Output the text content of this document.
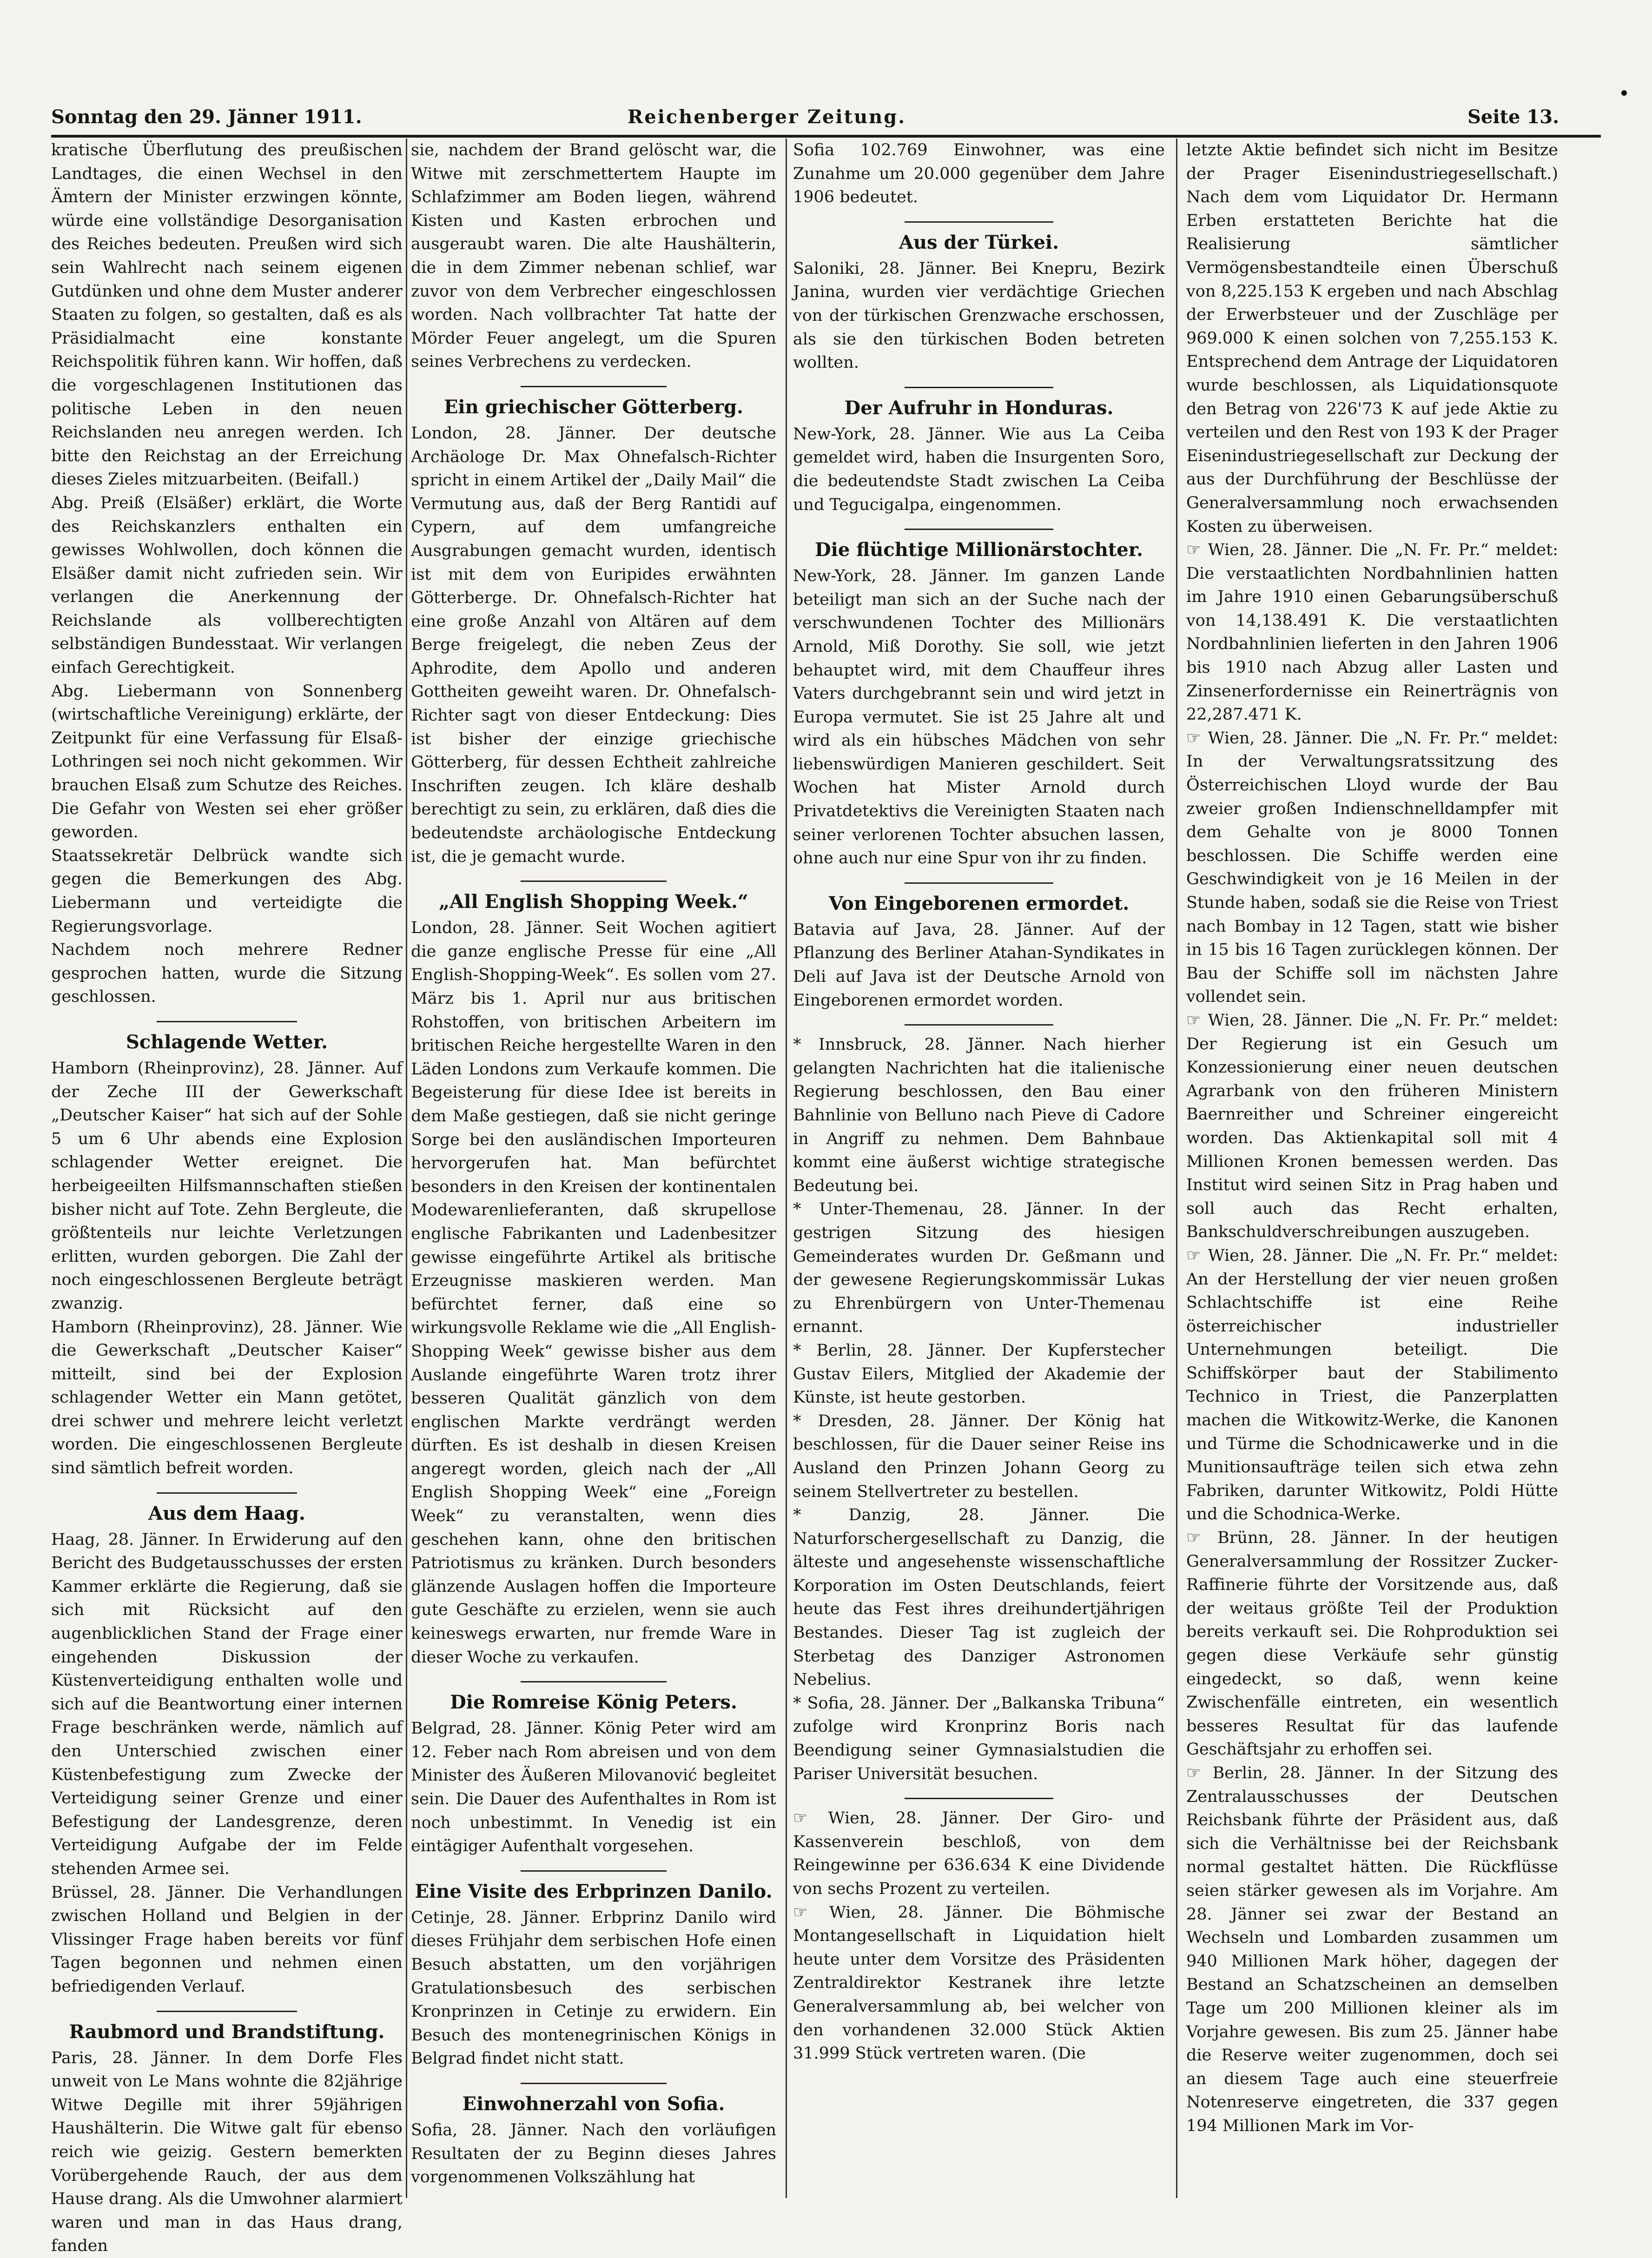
Sonntag den 29. Jänner 1911.	Reichenberger Zeitung.	Seite 13.

kratische Überflutung des preußischen Landtages, die einen Wechsel in den Ämtern der Minister erzwingen könnte, würde eine vollständige Desorganisation des Reiches bedeuten. Preußen wird sich sein Wahlrecht nach seinem eigenen Gutdünken und ohne dem Muster anderer Staaten zu folgen, so gestalten, daß es als Präsidialmacht eine konstante Reichspolitik führen kann. Wir hoffen, daß die vorgeschlagenen Institutionen das politische Leben in den neuen Reichslanden neu anregen werden. Ich bitte den Reichstag an der Erreichung dieses Zieles mitzuarbeiten. (Beifall.)

Abg. Preiß (Elsäßer) erklärt, die Worte des Reichskanzlers enthalten ein gewisses Wohlwollen, doch können die Elsäßer damit nicht zufrieden sein. Wir verlangen die Anerkennung der Reichslande als vollberechtigten selbständigen Bundesstaat. Wir verlangen einfach Gerechtigkeit.

Abg. Liebermann von Sonnenberg (wirtschaftliche Vereinigung) erklärte, der Zeitpunkt für eine Verfassung für Elsaß-Lothringen sei noch nicht gekommen. Wir brauchen Elsaß zum Schutze des Reiches. Die Gefahr von Westen sei eher größer geworden.

Staatssekretär Delbrück wandte sich gegen die Bemerkungen des Abg. Liebermann und verteidigte die Regierungsvorlage.

Nachdem noch mehrere Redner gesprochen hatten, wurde die Sitzung geschlossen.

Schlagende Wetter.

Hamborn (Rheinprovinz), 28. Jänner. Auf der Zeche III der Gewerkschaft „Deutscher Kaiser“ hat sich auf der Sohle 5 um 6 Uhr abends eine Explosion schlagender Wetter ereignet. Die herbeigeeilten Hilfsmannschaften stießen bisher nicht auf Tote. Zehn Bergleute, die größtenteils nur leichte Verletzungen erlitten, wurden geborgen. Die Zahl der noch eingeschlossenen Bergleute beträgt zwanzig.

Hamborn (Rheinprovinz), 28. Jänner. Wie die Gewerkschaft „Deutscher Kaiser“ mitteilt, sind bei der Explosion schlagender Wetter ein Mann getötet, drei schwer und mehrere leicht verletzt worden. Die eingeschlossenen Bergleute sind sämtlich befreit worden.

Aus dem Haag.

Haag, 28. Jänner. In Erwiderung auf den Bericht des Budgetausschusses der ersten Kammer erklärte die Regierung, daß sie sich mit Rücksicht auf den augenblicklichen Stand der Frage einer eingehenden Diskussion der Küstenverteidigung enthalten wolle und sich auf die Beantwortung einer internen Frage beschränken werde, nämlich auf den Unterschied zwischen einer Küstenbefestigung zum Zwecke der Verteidigung seiner Grenze und einer Befestigung der Landesgrenze, deren Verteidigung Aufgabe der im Felde stehenden Armee sei.

Brüssel, 28. Jänner. Die Verhandlungen zwischen Holland und Belgien in der Vlissinger Frage haben bereits vor fünf Tagen begonnen und nehmen einen befriedigenden Verlauf.

Raubmord und Brandstiftung.

Paris, 28. Jänner. In dem Dorfe Fles unweit von Le Mans wohnte die 82jährige Witwe Degille mit ihrer 59jährigen Haushälterin. Die Witwe galt für ebenso reich wie geizig. Gestern bemerkten Vorübergehende Rauch, der aus dem Hause drang. Als die Umwohner alarmiert waren und man in das Haus drang, fanden

sie, nachdem der Brand gelöscht war, die Witwe mit zerschmettertem Haupte im Schlafzimmer am Boden liegen, während Kisten und Kasten erbrochen und ausgeraubt waren. Die alte Haushälterin, die in dem Zimmer nebenan schlief, war zuvor von dem Verbrecher eingeschlossen worden. Nach vollbrachter Tat hatte der Mörder Feuer angelegt, um die Spuren seines Verbrechens zu verdecken.

Ein griechischer Götterberg.

London, 28. Jänner. Der deutsche Archäologe Dr. Max Ohnefalsch-Richter spricht in einem Artikel der „Daily Mail“ die Vermutung aus, daß der Berg Rantidi auf Cypern, auf dem umfangreiche Ausgrabungen gemacht wurden, identisch ist mit dem von Euripides erwähnten Götterberge. Dr. Ohnefalsch-Richter hat eine große Anzahl von Altären auf dem Berge freigelegt, die neben Zeus der Aphrodite, dem Apollo und anderen Gottheiten geweiht waren. Dr. Ohnefalsch-Richter sagt von dieser Entdeckung: Dies ist bisher der einzige griechische Götterberg, für dessen Echtheit zahlreiche Inschriften zeugen. Ich kläre deshalb berechtigt zu sein, zu erklären, daß dies die bedeutendste archäologische Entdeckung ist, die je gemacht wurde.

„All English Shopping Week.“

London, 28. Jänner. Seit Wochen agitiert die ganze englische Presse für eine „All English-Shopping-Week“. Es sollen vom 27. März bis 1. April nur aus britischen Rohstoffen, von britischen Arbeitern im britischen Reiche hergestellte Waren in den Läden Londons zum Verkaufe kommen. Die Begeisterung für diese Idee ist bereits in dem Maße gestiegen, daß sie nicht geringe Sorge bei den ausländischen Importeuren hervorgerufen hat. Man befürchtet besonders in den Kreisen der kontinentalen Modewarenlieferanten, daß skrupellose englische Fabrikanten und Ladenbesitzer gewisse eingeführte Artikel als britische Erzeugnisse maskieren werden. Man befürchtet ferner, daß eine so wirkungsvolle Reklame wie die „All English-Shopping Week“ gewisse bisher aus dem Auslande eingeführte Waren trotz ihrer besseren Qualität gänzlich von dem englischen Markte verdrängt werden dürften. Es ist deshalb in diesen Kreisen angeregt worden, gleich nach der „All English Shopping Week“ eine „Foreign Week“ zu veranstalten, wenn dies geschehen kann, ohne den britischen Patriotismus zu kränken. Durch besonders glänzende Auslagen hoffen die Importeure gute Geschäfte zu erzielen, wenn sie auch keineswegs erwarten, nur fremde Ware in dieser Woche zu verkaufen.

Die Romreise König Peters.

Belgrad, 28. Jänner. König Peter wird am 12. Feber nach Rom abreisen und von dem Minister des Äußeren Milovanović begleitet sein. Die Dauer des Aufenthaltes in Rom ist noch unbestimmt. In Venedig ist ein eintägiger Aufenthalt vorgesehen.

Eine Visite des Erbprinzen Danilo.

Cetinje, 28. Jänner. Erbprinz Danilo wird dieses Frühjahr dem serbischen Hofe einen Besuch abstatten, um den vorjährigen Gratulationsbesuch des serbischen Kronprinzen in Cetinje zu erwidern. Ein Besuch des montenegrinischen Königs in Belgrad findet nicht statt.

Einwohnerzahl von Sofia.

Sofia, 28. Jänner. Nach den vorläufigen Resultaten der zu Beginn dieses Jahres vorgenommenen Volkszählung hat

Sofia 102.769 Einwohner, was eine Zunahme um 20.000 gegenüber dem Jahre 1906 bedeutet.

Aus der Türkei.

Saloniki, 28. Jänner. Bei Knepru, Bezirk Janina, wurden vier verdächtige Griechen von der türkischen Grenzwache erschossen, als sie den türkischen Boden betreten wollten.

Der Aufruhr in Honduras.

New-York, 28. Jänner. Wie aus La Ceiba gemeldet wird, haben die Insurgenten Soro, die bedeutendste Stadt zwischen La Ceiba und Tegucigalpa, eingenommen.

Die flüchtige Millionärstochter.

New-York, 28. Jänner. Im ganzen Lande beteiligt man sich an der Suche nach der verschwundenen Tochter des Millionärs Arnold, Miß Dorothy. Sie soll, wie jetzt behauptet wird, mit dem Chauffeur ihres Vaters durchgebrannt sein und wird jetzt in Europa vermutet. Sie ist 25 Jahre alt und wird als ein hübsches Mädchen von sehr liebenswürdigen Manieren geschildert. Seit Wochen hat Mister Arnold durch Privatdetektivs die Vereinigten Staaten nach seiner verlorenen Tochter absuchen lassen, ohne auch nur eine Spur von ihr zu finden.

Von Eingeborenen ermordet.

Batavia auf Java, 28. Jänner. Auf der Pflanzung des Berliner Atahan-Syndikates in Deli auf Java ist der Deutsche Arnold von Eingeborenen ermordet worden.

* Innsbruck, 28. Jänner. Nach hierher gelangten Nachrichten hat die italienische Regierung beschlossen, den Bau einer Bahnlinie von Belluno nach Pieve di Cadore in Angriff zu nehmen. Dem Bahnbaue kommt eine äußerst wichtige strategische Bedeutung bei.

* Unter-Themenau, 28. Jänner. In der gestrigen Sitzung des hiesigen Gemeinderates wurden Dr. Geßmann und der gewesene Regierungskommissär Lukas zu Ehrenbürgern von Unter-Themenau ernannt.

* Berlin, 28. Jänner. Der Kupferstecher Gustav Eilers, Mitglied der Akademie der Künste, ist heute gestorben.

* Dresden, 28. Jänner. Der König hat beschlossen, für die Dauer seiner Reise ins Ausland den Prinzen Johann Georg zu seinem Stellvertreter zu bestellen.

* Danzig, 28. Jänner. Die Naturforschergesellschaft zu Danzig, die älteste und angesehenste wissenschaftliche Korporation im Osten Deutschlands, feiert heute das Fest ihres dreihundertjährigen Bestandes. Dieser Tag ist zugleich der Sterbetag des Danziger Astronomen Nebelius.

* Sofia, 28. Jänner. Der „Balkanska Tribuna“ zufolge wird Kronprinz Boris nach Beendigung seiner Gymnasialstudien die Pariser Universität besuchen.

☞ Wien, 28. Jänner. Der Giro- und Kassenverein beschloß, von dem Reingewinne per 636.634 K eine Dividende von sechs Prozent zu verteilen.

☞ Wien, 28. Jänner. Die Böhmische Montangesellschaft in Liquidation hielt heute unter dem Vorsitze des Präsidenten Zentraldirektor Kestranek ihre letzte Generalversammlung ab, bei welcher von den vorhandenen 32.000 Stück Aktien 31.999 Stück vertreten waren. (Die

letzte Aktie befindet sich nicht im Besitze der Prager Eisenindustriegesellschaft.) Nach dem vom Liquidator Dr. Hermann Erben erstatteten Berichte hat die Realisierung sämtlicher Vermögensbestandteile einen Überschuß von 8,225.153 K ergeben und nach Abschlag der Erwerbsteuer und der Zuschläge per 969.000 K einen solchen von 7,255.153 K. Entsprechend dem Antrage der Liquidatoren wurde beschlossen, als Liquidationsquote den Betrag von 226'73 K auf jede Aktie zu verteilen und den Rest von 193 K der Prager Eisenindustriegesellschaft zur Deckung der aus der Durchführung der Beschlüsse der Generalversammlung noch erwachsenden Kosten zu überweisen.

☞ Wien, 28. Jänner. Die „N. Fr. Pr.“ meldet: Die verstaatlichten Nordbahnlinien hatten im Jahre 1910 einen Gebarungsüberschuß von 14,138.491 K. Die verstaatlichten Nordbahnlinien lieferten in den Jahren 1906 bis 1910 nach Abzug aller Lasten und Zinsenerfordernisse ein Reinerträgnis von 22,287.471 K.

☞ Wien, 28. Jänner. Die „N. Fr. Pr.“ meldet: In der Verwaltungsratssitzung des Österreichischen Lloyd wurde der Bau zweier großen Indienschnelldampfer mit dem Gehalte von je 8000 Tonnen beschlossen. Die Schiffe werden eine Geschwindigkeit von je 16 Meilen in der Stunde haben, sodaß sie die Reise von Triest nach Bombay in 12 Tagen, statt wie bisher in 15 bis 16 Tagen zurücklegen können. Der Bau der Schiffe soll im nächsten Jahre vollendet sein.

☞ Wien, 28. Jänner. Die „N. Fr. Pr.“ meldet: Der Regierung ist ein Gesuch um Konzessionierung einer neuen deutschen Agrarbank von den früheren Ministern Baernreither und Schreiner eingereicht worden. Das Aktienkapital soll mit 4 Millionen Kronen bemessen werden. Das Institut wird seinen Sitz in Prag haben und soll auch das Recht erhalten, Bankschuldverschreibungen auszugeben.

☞ Wien, 28. Jänner. Die „N. Fr. Pr.“ meldet: An der Herstellung der vier neuen großen Schlachtschiffe ist eine Reihe österreichischer industrieller Unternehmungen beteiligt. Die Schiffskörper baut der Stabilimento Technico in Triest, die Panzerplatten machen die Witkowitz-Werke, die Kanonen und Türme die Schodnicawerke und in die Munitionsaufträge teilen sich etwa zehn Fabriken, darunter Witkowitz, Poldi Hütte und die Schodnica-Werke.

☞ Brünn, 28. Jänner. In der heutigen Generalversammlung der Rossitzer Zucker-Raffinerie führte der Vorsitzende aus, daß der weitaus größte Teil der Produktion bereits verkauft sei. Die Rohproduktion sei gegen diese Verkäufe sehr günstig eingedeckt, so daß, wenn keine Zwischenfälle eintreten, ein wesentlich besseres Resultat für das laufende Geschäftsjahr zu erhoffen sei.

☞ Berlin, 28. Jänner. In der Sitzung des Zentralausschusses der Deutschen Reichsbank führte der Präsident aus, daß sich die Verhältnisse bei der Reichsbank normal gestaltet hätten. Die Rückflüsse seien stärker gewesen als im Vorjahre. Am 28. Jänner sei zwar der Bestand an Wechseln und Lombarden zusammen um 940 Millionen Mark höher, dagegen der Bestand an Schatzscheinen an demselben Tage um 200 Millionen kleiner als im Vorjahre gewesen. Bis zum 25. Jänner habe die Reserve weiter zugenommen, doch sei an diesem Tage auch eine steuerfreie Notenreserve eingetreten, die 337 gegen 194 Millionen Mark im Vor-
